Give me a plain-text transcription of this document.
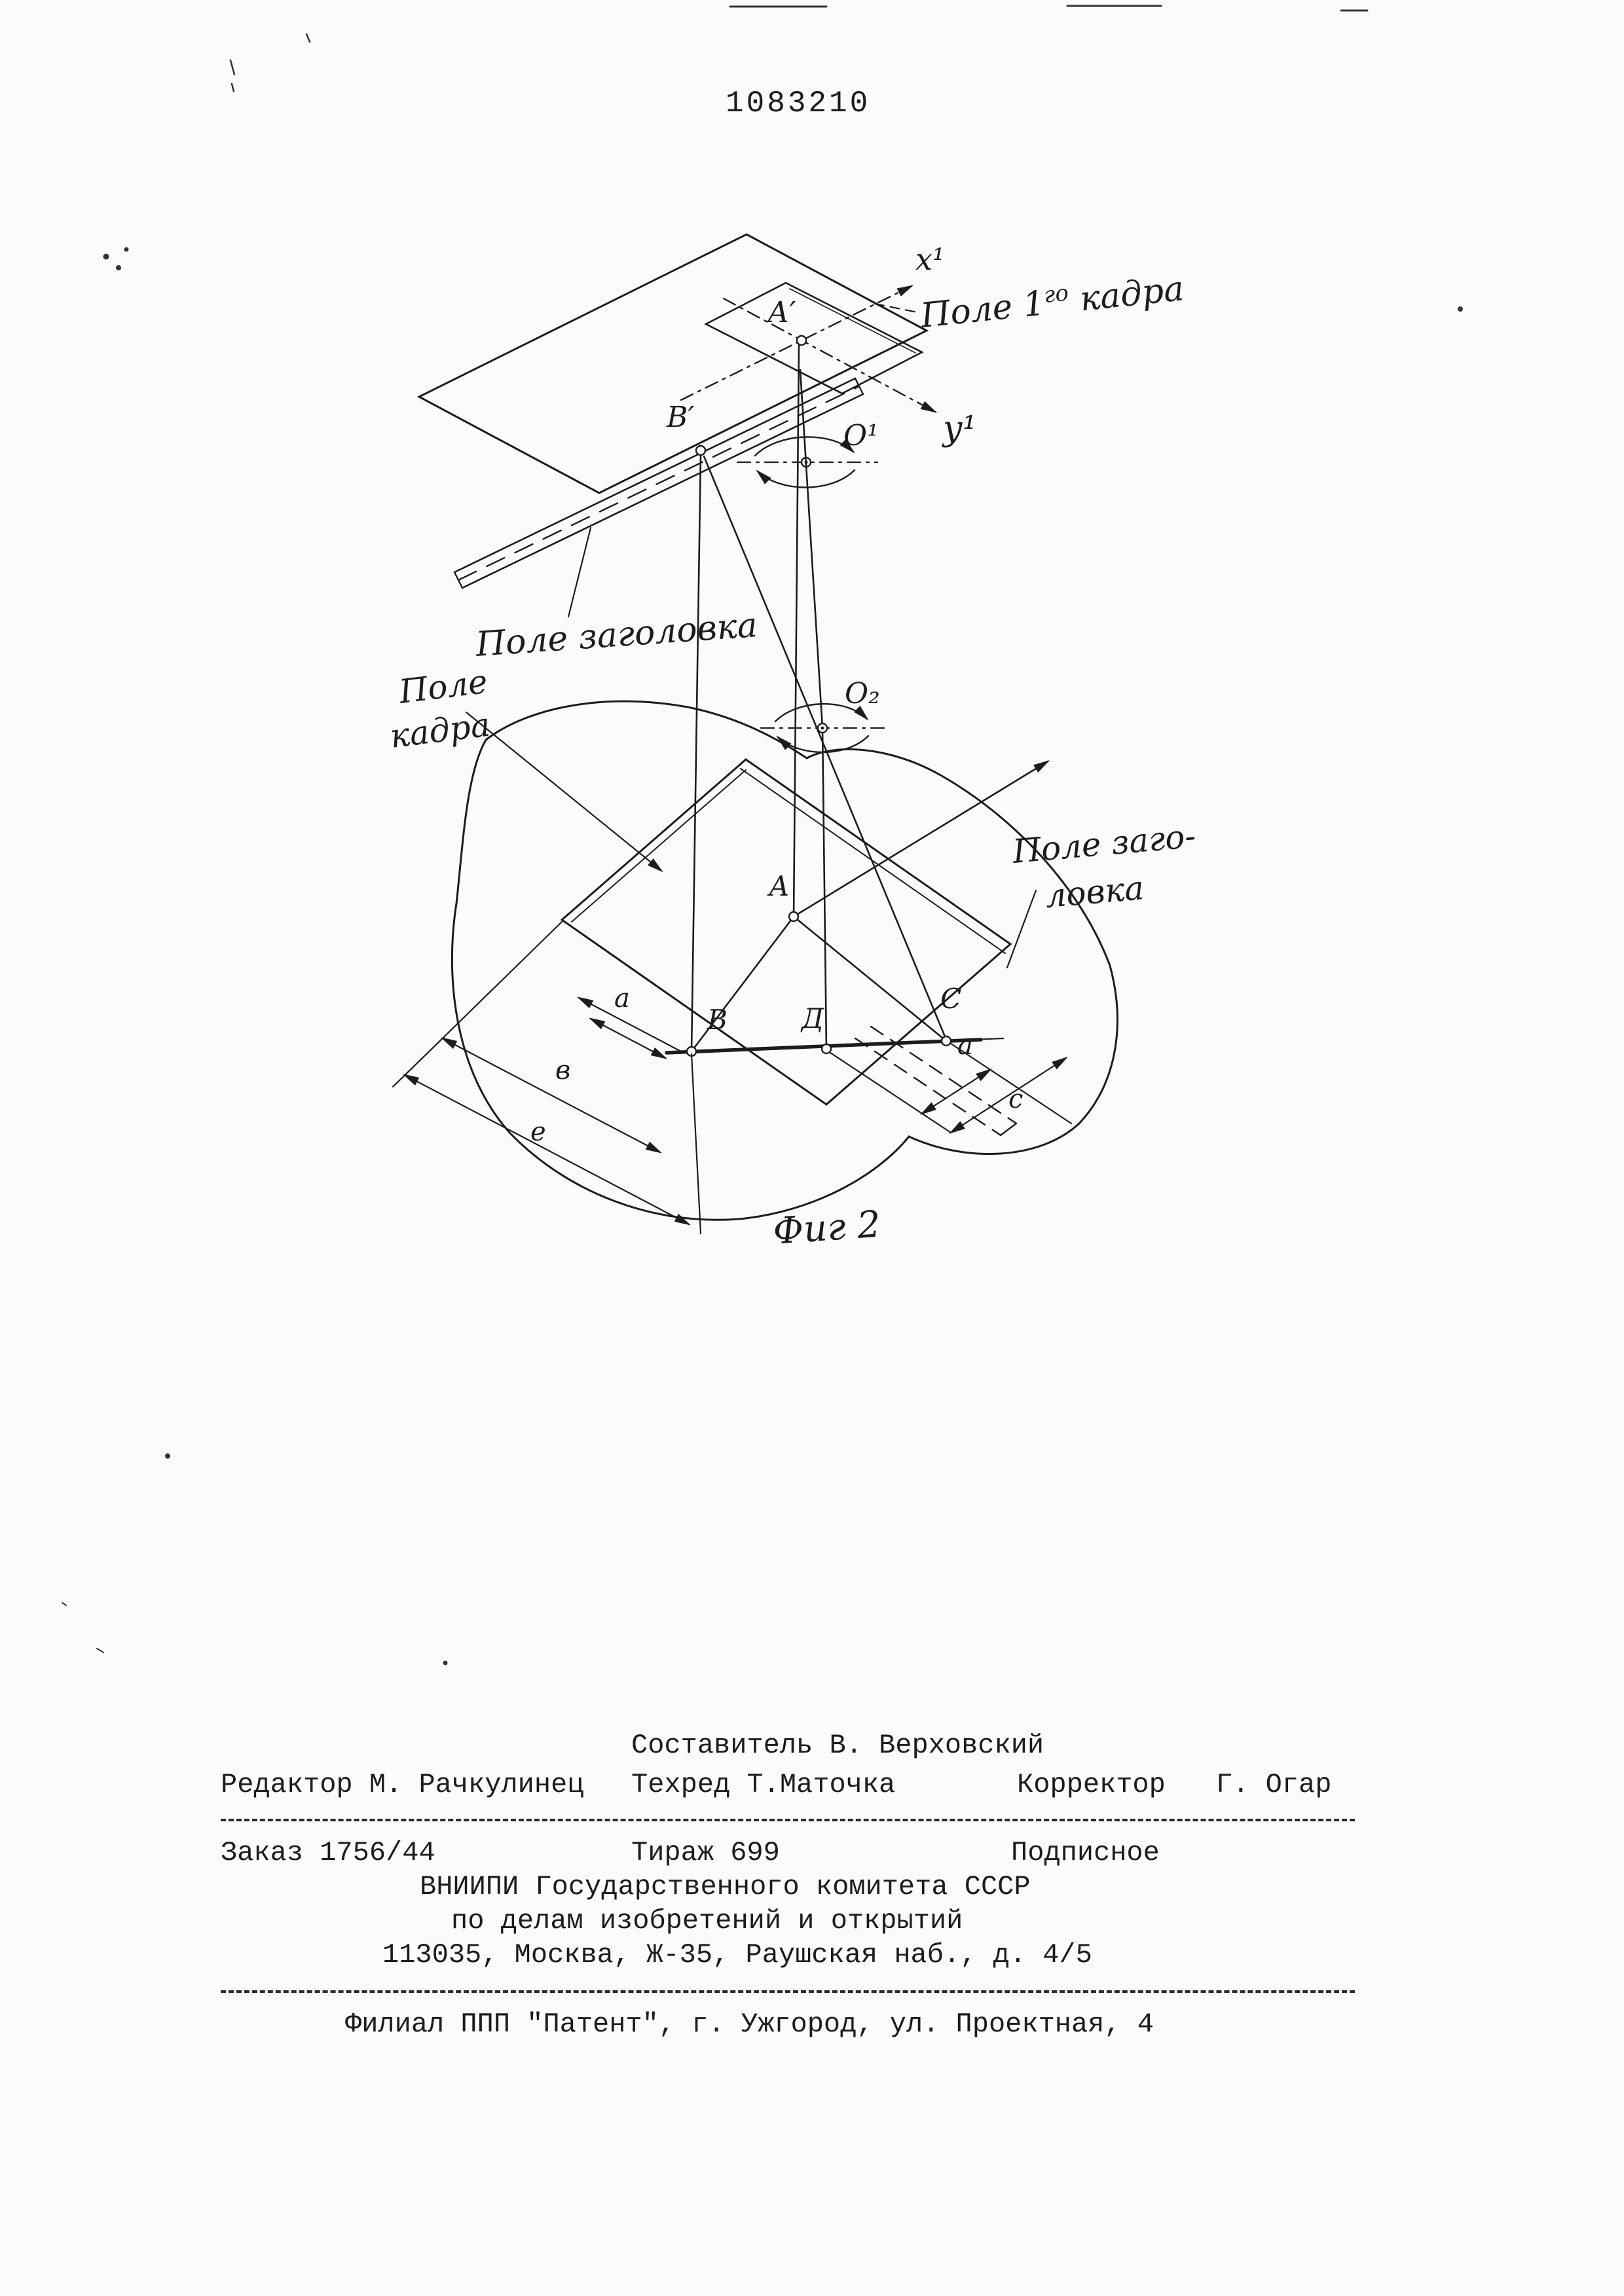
1083210
Поле $1^{го}$ кадра
Поле заголовка
Поле
кадра
Поле заго-
ловка
x¹
у¹
А′
В′
О¹
О₂
А
В	Д
С
а
в
е
а
с
Фиг 2
Составитель В. Верховский
Редактор М. Рачкулинец Техред Т.Маточка	Корректор Г. Огар
Заказ 1756/44	Тираж 699	Подписное
ВНИИПИ Государственного комитета СССР
по делам изобретений и открытий
113035, Москва, Ж-35, Раушская наб., д. 4/5
Филиал ППП "Патент", г. Ужгород, ул. Проектная, 4
